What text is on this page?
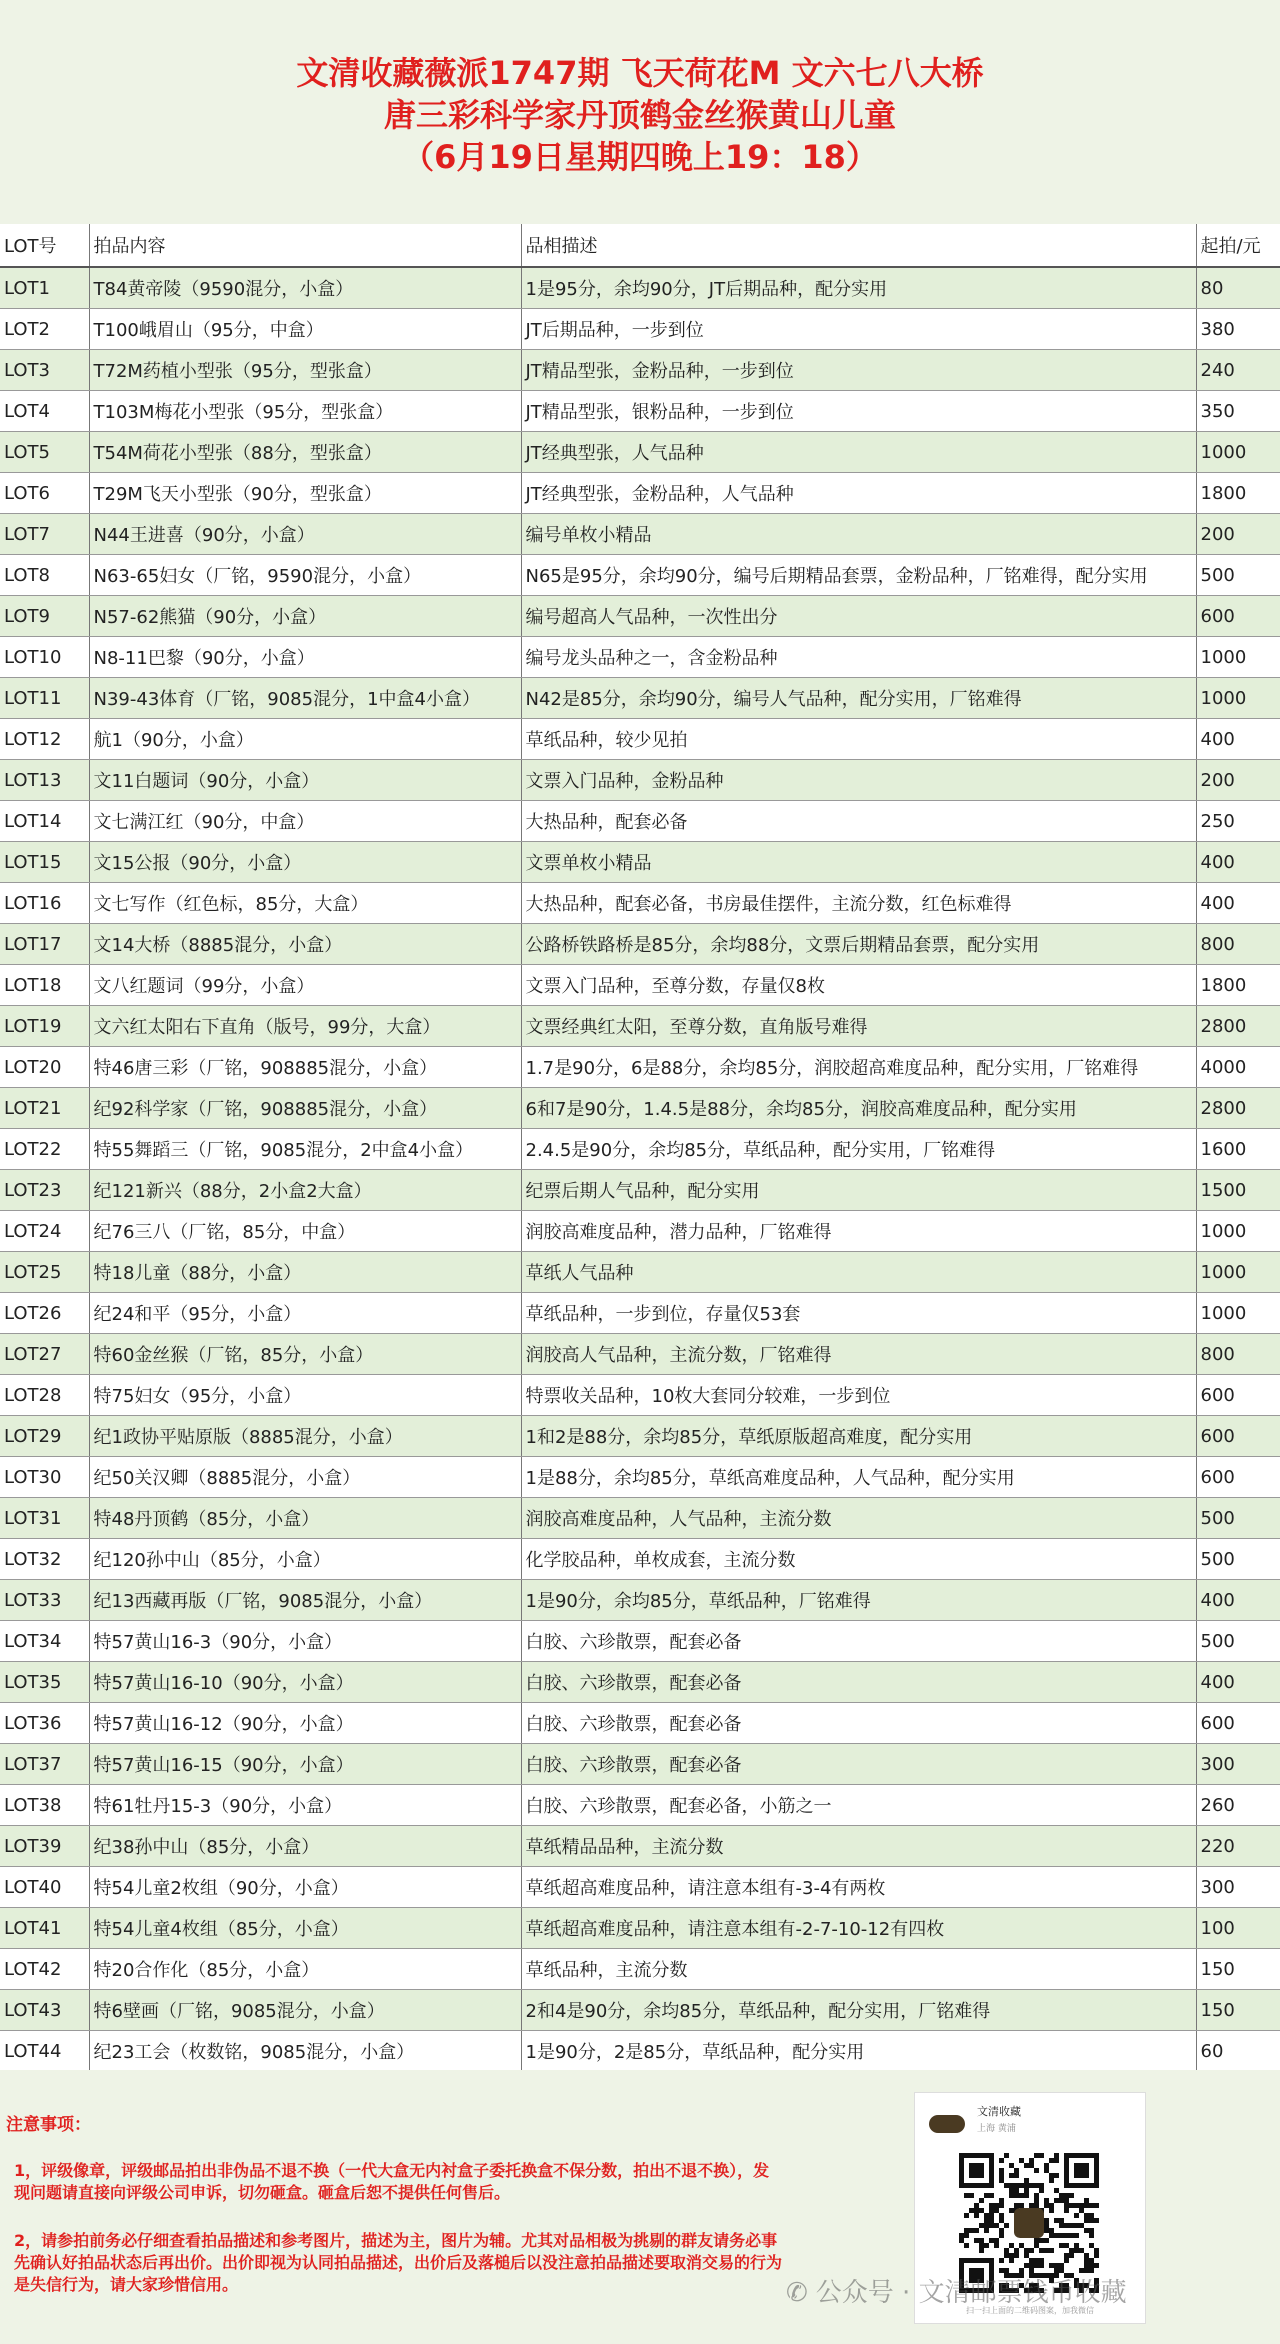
文清收藏薇派1747期 飞天荷花M 文六七八大桥
唐三彩科学家丹顶鹤金丝猴黄山儿童
（6月19日星期四晚上19：18）
LOT号	拍品内容	品相描述	起拍/元
LOT1	T84黄帝陵（9590混分，小盒）	1是95分，余均90分，JT后期品种，配分实用	80
LOT2	T100峨眉山（95分，中盒）	JT后期品种，一步到位	380
LOT3	T72M药植小型张（95分，型张盒）	JT精品型张，金粉品种，一步到位	240
LOT4	T103M梅花小型张（95分，型张盒）	JT精品型张，银粉品种，一步到位	350
LOT5	T54M荷花小型张（88分，型张盒）	JT经典型张，人气品种	1000
LOT6	T29M飞天小型张（90分，型张盒）	JT经典型张，金粉品种，人气品种	1800
LOT7	N44王进喜（90分，小盒）	编号单枚小精品	200
LOT8	N63-65妇女（厂铭，9590混分，小盒）	N65是95分，余均90分，编号后期精品套票，金粉品种，厂铭难得，配分实用	500
LOT9	N57-62熊猫（90分，小盒）	编号超高人气品种，一次性出分	600
LOT10	N8-11巴黎（90分，小盒）	编号龙头品种之一，含金粉品种	1000
LOT11	N39-43体育（厂铭，9085混分，1中盒4小盒）	N42是85分，余均90分，编号人气品种，配分实用，厂铭难得	1000
LOT12	航1（90分，小盒）	草纸品种，较少见拍	400
LOT13	文11白题词（90分，小盒）	文票入门品种，金粉品种	200
LOT14	文七满江红（90分，中盒）	大热品种，配套必备	250
LOT15	文15公报（90分，小盒）	文票单枚小精品	400
LOT16	文七写作（红色标，85分，大盒）	大热品种，配套必备，书房最佳摆件，主流分数，红色标难得	400
LOT17	文14大桥（8885混分，小盒）	公路桥铁路桥是85分，余均88分，文票后期精品套票，配分实用	800
LOT18	文八红题词（99分，小盒）	文票入门品种，至尊分数，存量仅8枚	1800
LOT19	文六红太阳右下直角（版号，99分，大盒）	文票经典红太阳，至尊分数，直角版号难得	2800
LOT20	特46唐三彩（厂铭，908885混分，小盒）	1.7是90分，6是88分，余均85分，润胶超高难度品种，配分实用，厂铭难得	4000
LOT21	纪92科学家（厂铭，908885混分，小盒）	6和7是90分，1.4.5是88分，余均85分，润胶高难度品种，配分实用	2800
LOT22	特55舞蹈三（厂铭，9085混分，2中盒4小盒）	2.4.5是90分，余均85分，草纸品种，配分实用，厂铭难得	1600
LOT23	纪121新兴（88分，2小盒2大盒）	纪票后期人气品种，配分实用	1500
LOT24	纪76三八（厂铭，85分，中盒）	润胶高难度品种，潜力品种，厂铭难得	1000
LOT25	特18儿童（88分，小盒）	草纸人气品种	1000
LOT26	纪24和平（95分，小盒）	草纸品种，一步到位，存量仅53套	1000
LOT27	特60金丝猴（厂铭，85分，小盒）	润胶高人气品种，主流分数，厂铭难得	800
LOT28	特75妇女（95分，小盒）	特票收关品种，10枚大套同分较难，一步到位	600
LOT29	纪1政协平贴原版（8885混分，小盒）	1和2是88分，余均85分，草纸原版超高难度，配分实用	600
LOT30	纪50关汉卿（8885混分，小盒）	1是88分，余均85分，草纸高难度品种，人气品种，配分实用	600
LOT31	特48丹顶鹤（85分，小盒）	润胶高难度品种，人气品种，主流分数	500
LOT32	纪120孙中山（85分，小盒）	化学胶品种，单枚成套，主流分数	500
LOT33	纪13西藏再版（厂铭，9085混分，小盒）	1是90分，余均85分，草纸品种，厂铭难得	400
LOT34	特57黄山16-3（90分，小盒）	白胶、六珍散票，配套必备	500
LOT35	特57黄山16-10（90分，小盒）	白胶、六珍散票，配套必备	400
LOT36	特57黄山16-12（90分，小盒）	白胶、六珍散票，配套必备	600
LOT37	特57黄山16-15（90分，小盒）	白胶、六珍散票，配套必备	300
LOT38	特61牡丹15-3（90分，小盒）	白胶、六珍散票，配套必备，小筋之一	260
LOT39	纪38孙中山（85分，小盒）	草纸精品品种，主流分数	220
LOT40	特54儿童2枚组（90分，小盒）	草纸超高难度品种，请注意本组有-3-4有两枚	300
LOT41	特54儿童4枚组（85分，小盒）	草纸超高难度品种，请注意本组有-2-7-10-12有四枚	100
LOT42	特20合作化（85分，小盒）	草纸品种，主流分数	150
LOT43	特6壁画（厂铭，9085混分，小盒）	2和4是90分，余均85分，草纸品种，配分实用，厂铭难得	150
LOT44	纪23工会（枚数铭，9085混分，小盒）	1是90分，2是85分，草纸品种，配分实用	60
注意事项：
1，评级像章，评级邮品拍出非伪品不退不换（一代大盒无内衬盒子委托换盒不保分数，拍出不退不换），发现问题请直接向评级公司申诉，切勿砸盒。砸盒后恕不提供任何售后。
2，请参拍前务必仔细查看拍品描述和参考图片，描述为主，图片为辅。尤其对品相极为挑剔的群友请务必事先确认好拍品状态后再出价。出价即视为认同拍品描述，出价后及落槌后以没注意拍品描述要取消交易的行为是失信行为，请大家珍惜信用。
文清收藏
上海 黄浦
扫一扫上面的二维码图案，加我微信
✆ 公众号 · 文清邮票钱币收藏
